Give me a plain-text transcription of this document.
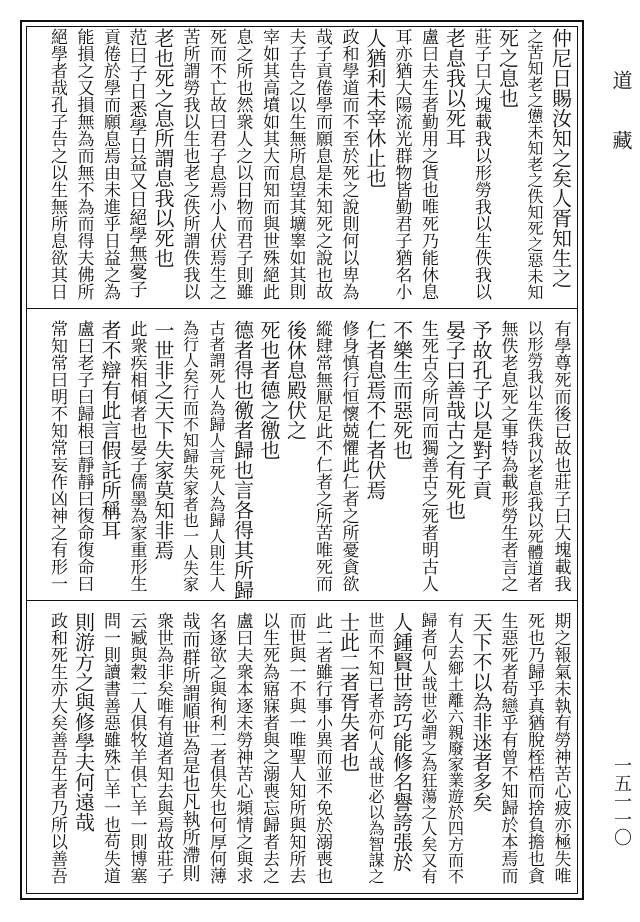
仲尼日賜汝知之矣人胥知生之
之苦知老之憊未知老之佚知死之惡未知
死之息也
莊子曰大塊載我以形勞我以生佚我以
老息我以死耳
盧曰夫生者勤用之貨也唯死乃能休息
耳亦猶大陽流光群物皆勤君子猶名小
人猶利未宰休止也
政和學道而不至於死之說則何以卑為
哉子貢倦學而願息是未知死之說也故
夫子告之以生無所息望其壙睾如其則
宰如其高墳如其大而知而與世殊絕此
息之所也然衆人之以日物而君子則雖
死而不亡故曰君子息焉小人伏焉生之
苦所謂勞我以生也老之佚所謂佚我以
老也死之息所謂息我以死也
范曰子日悉學日益又日絕學無憂子
貢倦於學而願息焉由未進乎日益之為
能損之又損無為而無不為而得夫佛所
絕學者哉孔子告之以生無所息欲其日
有學尊死而後已故也莊子曰大塊載我
以形勞我以生佚我以老息我以死體道者
無佚老息死之事特為載形勞生者言之
予故孔子以是對子貢
晏子曰善哉古之有死也
生死古今所同而獨善古之死者明古人
不樂生而惡死也
仁者息焉不仁者伏焉
修身慎行恒懷兢懼此仁者之所憂貪欲
縱肆常無厭足此不仁者之所苦唯死而
後休息殿伏之
死也者德之徼也
德者得也徼者歸也言各得其所歸
古者謂死人為歸人言死人為歸人則生人
為行人矣行而不知歸失家者也一人失家
一世非之天下失家莫知非焉
此衆疾相傾者也晏子儒墨為家重形生
者不辯有此言假託所稱耳
盧曰老子曰歸根曰靜靜曰復命復命曰
常知常曰明不知常妄作凶神之有形一
期之報氣未執有勞神苦心疲亦極失唯
死也乃歸乎真猶脫桎梏而捨負擔也貪
生惡死者苟戀乎有曾不知歸於本焉而
天下不以為非迷者多矣
有人去鄉土離六親廢家業遊於四方而不
歸者何人哉世必謂之為狂蕩之人矣又有
人鍾賢世誇巧能修名譽誇張於
世而不知已者亦何人哉世必以為智謀之
士此二者胥失者也
此二者雖行事小異而並不免於溺喪也
而世與一不與一唯聖人知所與知所去
以生死為寤寐者與之溺喪忘歸者去之
盧曰夫衆本逐未勞神苦心頻情之與求
名逐欲之與徇利二者俱失也何厚何薄
哉而群所謂順世為是也凡執所滯則
衆世為非矣唯有道者知去與焉故莊子
云臧與穀二人俱牧羊俱亡羊一則博塞
問一則讀書善惡雖殊亡羊一也苟失道
則游方之與修學夫何遠哉
政和死生亦大矣善吾生者乃所以善吾
道　　藏
一五一一〇
